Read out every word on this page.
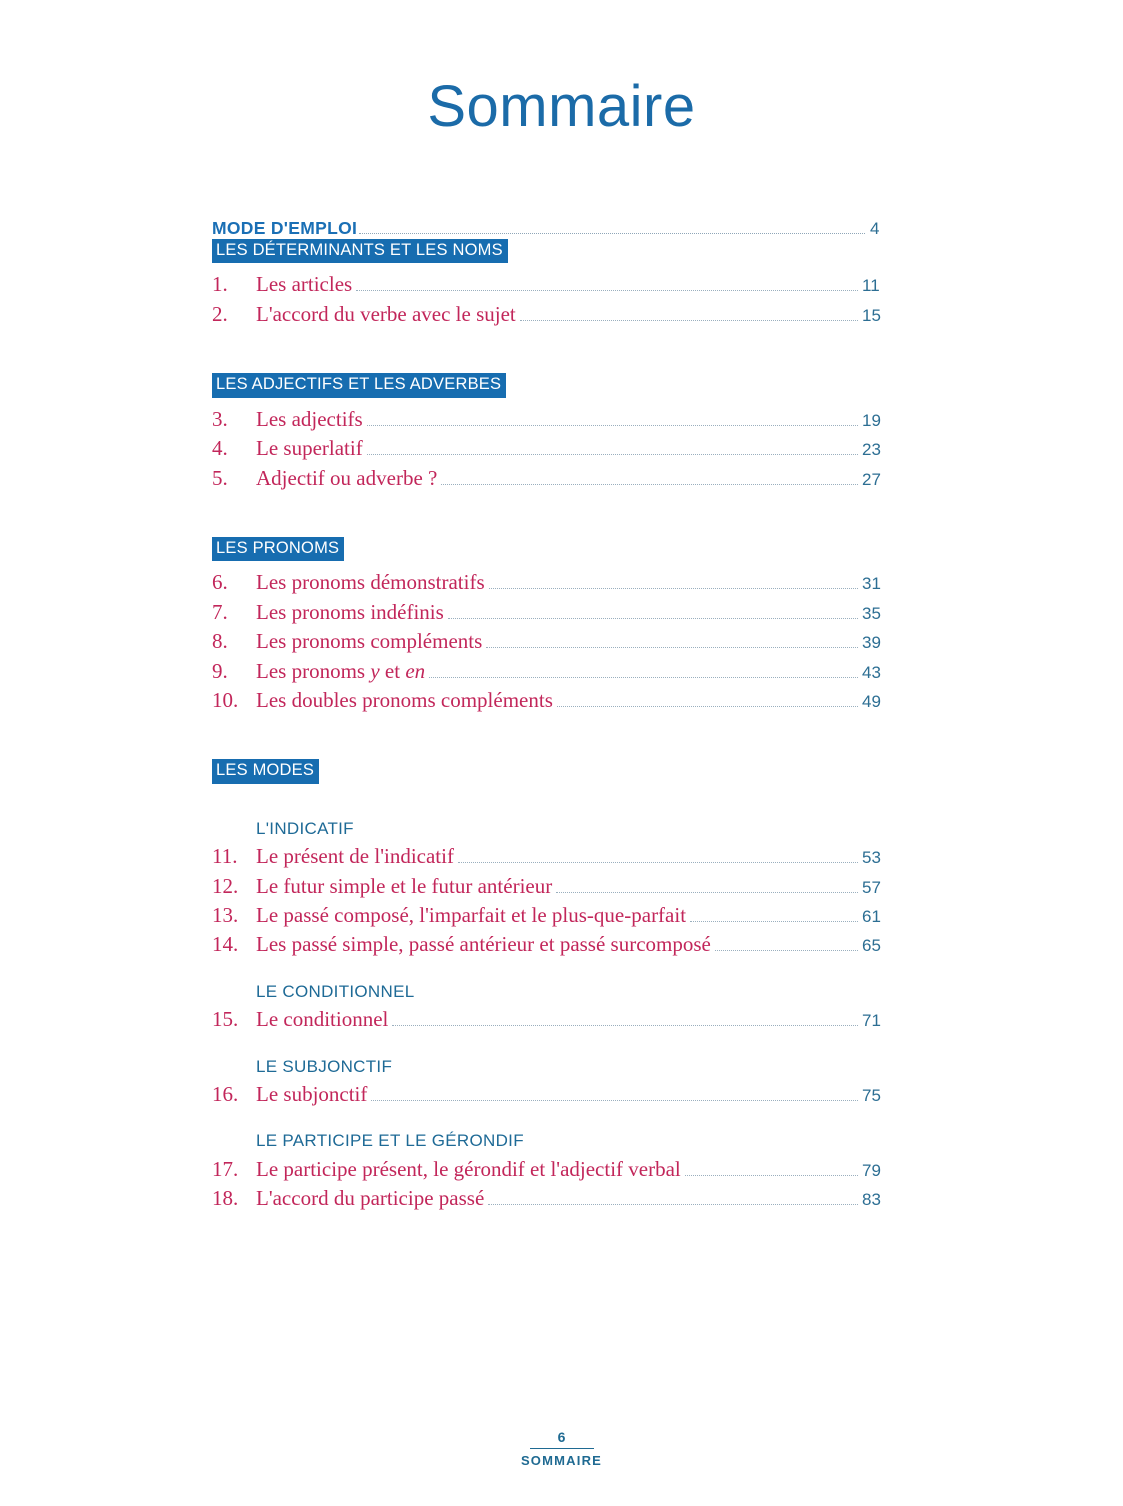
Sommaire
MODE D'EMPLOI	4
LES DÉTERMINANTS ET LES NOMS
1.	Les articles	11
2.	L'accord du verbe avec le sujet	15
LES ADJECTIFS ET LES ADVERBES
3.	Les adjectifs	19
4.	Le superlatif	23
5.	Adjectif ou adverbe ?	27
LES PRONOMS
6.	Les pronoms démonstratifs	31
7.	Les pronoms indéfinis	35
8.	Les pronoms compléments	39
9.	Les pronoms y et en	43
10. Les doubles pronoms compléments	49
LES MODES
L'INDICATIF
11. Le présent de l'indicatif	53
12. Le futur simple et le futur antérieur	57
13. Le passé composé, l'imparfait et le plus-que-parfait	61
14. Les passé simple, passé antérieur et passé surcomposé	65
LE CONDITIONNEL
15. Le conditionnel	71
LE SUBJONCTIF
16. Le subjonctif	75
LE PARTICIPE ET LE GÉRONDIF
17. Le participe présent, le gérondif et l'adjectif verbal	79
18. L'accord du participe passé	83
6
SOMMAIRE
